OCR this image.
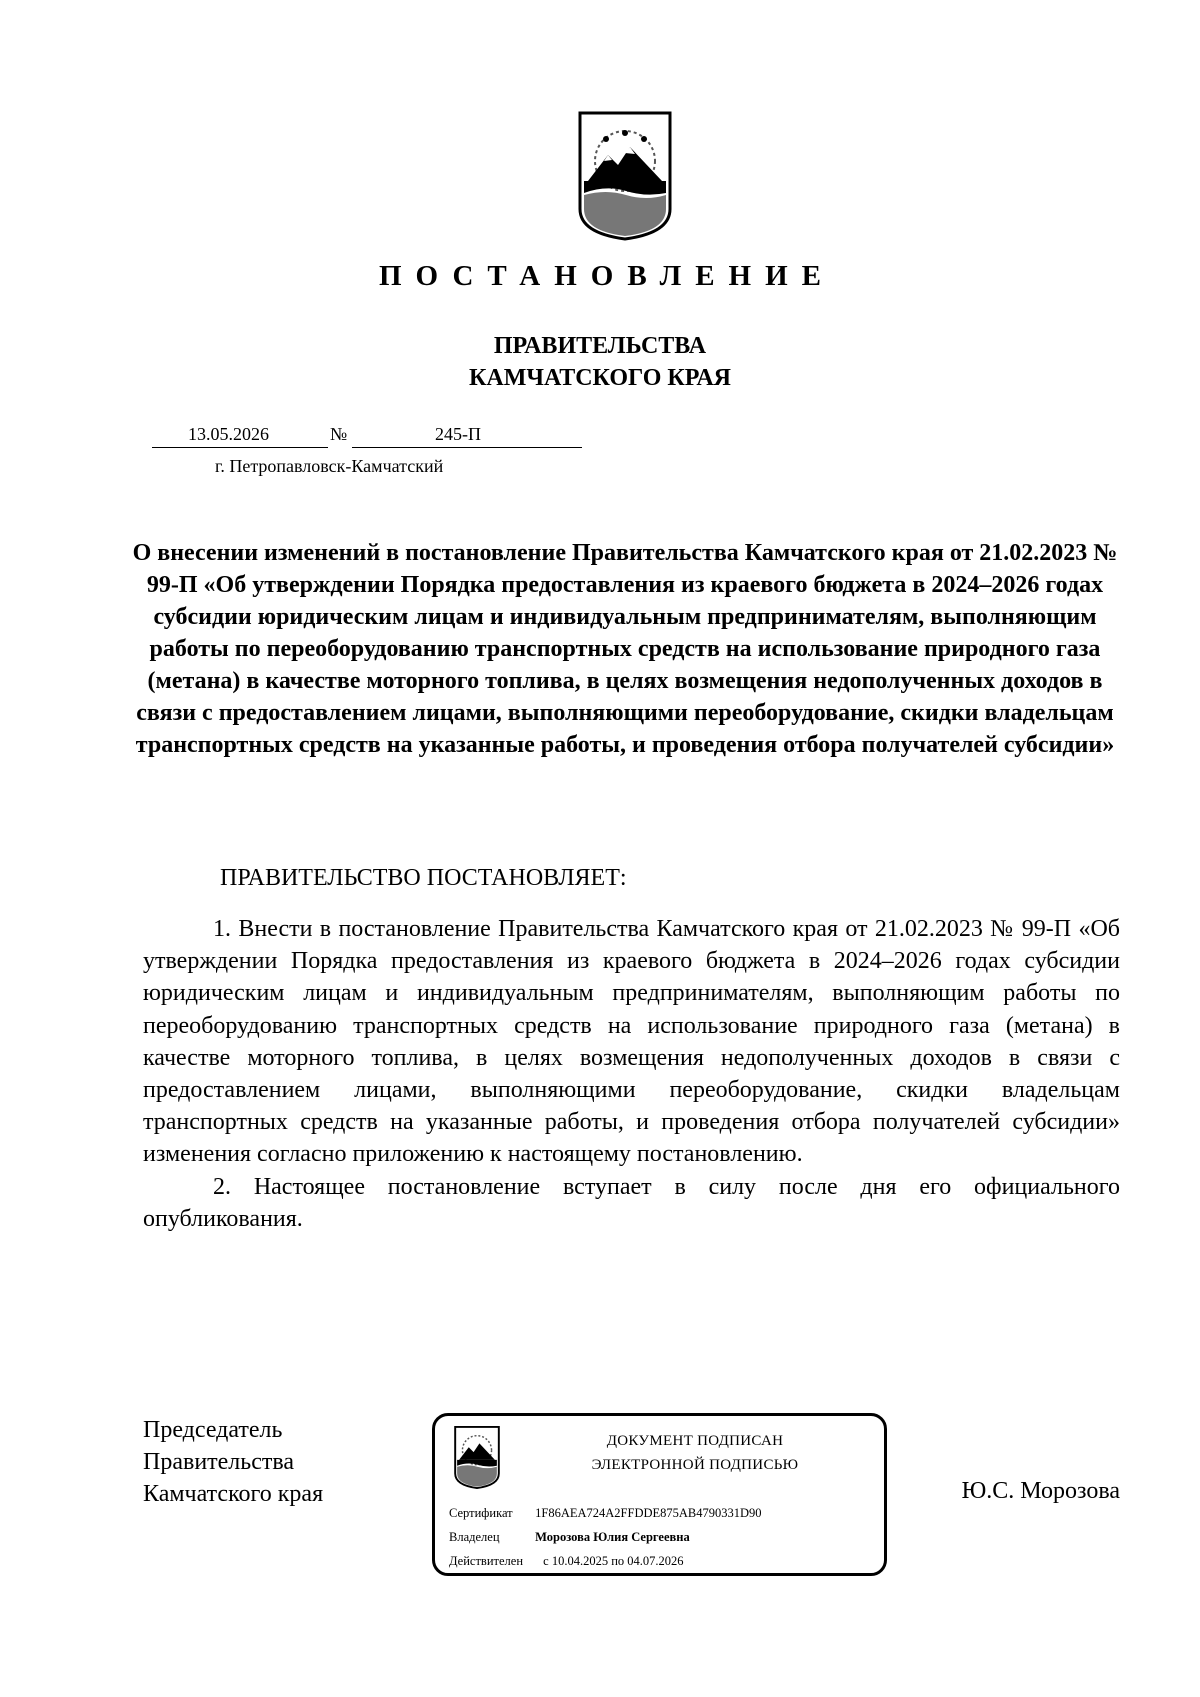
ПОСТАНОВЛЕНИЕ
ПРАВИТЕЛЬСТВА
КАМЧАТСКОГО КРАЯ
13.05.2026	№	245-П
г. Петропавловск-Камчатский

О внесении изменений в постановление Правительства Камчатского края от 21.02.2023 № 99-П «Об утверждении Порядка предоставления из краевого бюджета в 2024–2026 годах субсидии юридическим лицам и индивидуальным предпринимателям, выполняющим работы по переоборудованию транспортных средств на использование природного газа (метана) в качестве моторного топлива, в целях возмещения недополученных доходов в связи с предоставлением лицами, выполняющими переоборудование, скидки владельцам транспортных средств на указанные работы, и проведения отбора получателей субсидии»

ПРАВИТЕЛЬСТВО ПОСТАНОВЛЯЕТ:

1. Внести в постановление Правительства Камчатского края от 21.02.2023 № 99-П «Об утверждении Порядка предоставления из краевого бюджета в 2024–2026 годах субсидии юридическим лицам и индивидуальным предпринимателям, выполняющим работы по переоборудованию транспортных средств на использование природного газа (метана) в качестве моторного топлива, в целях возмещения недополученных доходов в связи с предоставлением лицами, выполняющими переоборудование, скидки владельцам транспортных средств на указанные работы, и проведения отбора получателей субсидии» изменения согласно приложению к настоящему постановлению.

2. Настоящее постановление вступает в силу после дня его официального опубликования.

Председатель
Правительства
Камчатского края
ДОКУМЕНТ ПОДПИСАН
ЭЛЕКТРОННОЙ ПОДПИСЬЮ
Сертификат 1F86AEA724A2FFDDE875AB4790331D90
Владелец	Морозова Юлия Сергеевна
Действителен с 10.04.2025 по 04.07.2026
Ю.С. Морозова
